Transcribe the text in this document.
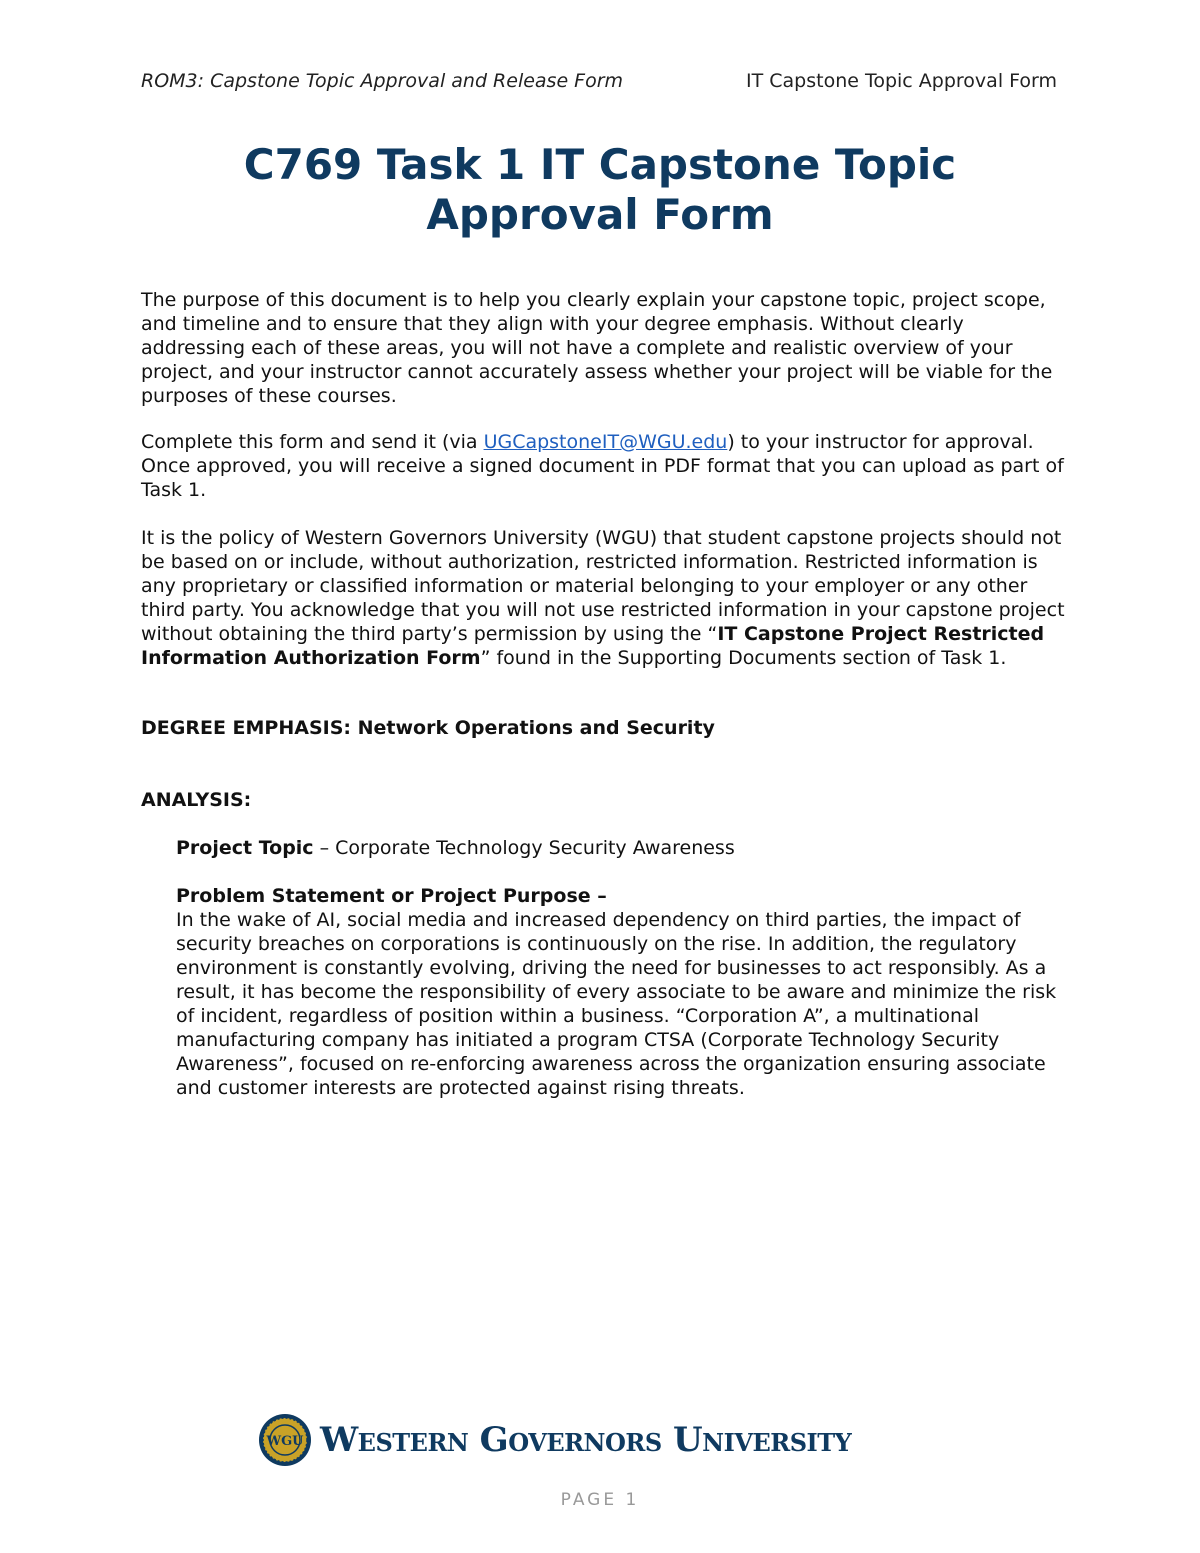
ROM3: Capstone Topic Approval and Release Form	IT Capstone Topic Approval Form
C769 Task 1 IT Capstone Topic
Approval Form
The purpose of this document is to help you clearly explain your capstone topic, project scope, and timeline and to ensure that they align with your degree emphasis. Without clearly addressing each of these areas, you will not have a complete and realistic overview of your project, and your instructor cannot accurately assess whether your project will be viable for the purposes of these courses.
Complete this form and send it (via UGCapstoneIT@WGU.edu) to your instructor for approval. Once approved, you will receive a signed document in PDF format that you can upload as part of Task 1.
It is the policy of Western Governors University (WGU) that student capstone projects should not be based on or include, without authorization, restricted information. Restricted information is any proprietary or classified information or material belonging to your employer or any other third party. You acknowledge that you will not use restricted information in your capstone project without obtaining the third party’s permission by using the “IT Capstone Project Restricted Information Authorization Form” found in the Supporting Documents section of Task 1.
DEGREE EMPHASIS: Network Operations and Security
ANALYSIS:
Project Topic – Corporate Technology Security Awareness
Problem Statement or Project Purpose –
In the wake of AI, social media and increased dependency on third parties, the impact of security breaches on corporations is continuously on the rise. In addition, the regulatory environment is constantly evolving, driving the need for businesses to act responsibly. As a result, it has become the responsibility of every associate to be aware and minimize the risk of incident, regardless of position within a business. “Corporation A”, a multinational manufacturing company has initiated a program CTSA (Corporate Technology Security Awareness”, focused on re-enforcing awareness across the organization ensuring associate and customer interests are protected against rising threats.
WGU Western Governors University
PAGE 1
